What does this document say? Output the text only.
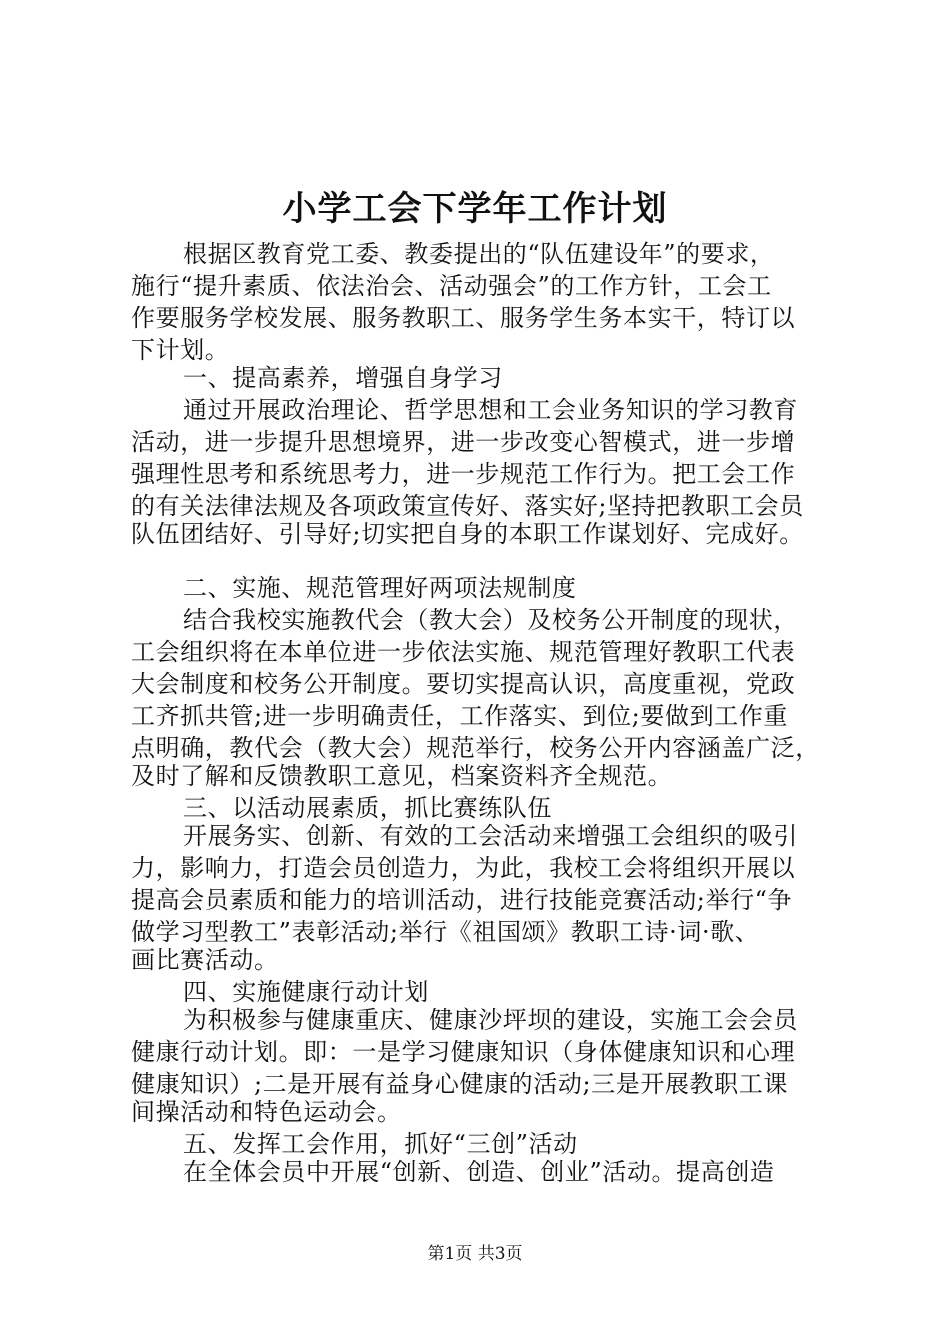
小学工会下学年工作计划
根据区教育党工委、教委提出的“队伍建设年”的要求，
施行“提升素质、依法治会、活动强会”的工作方针，工会工
作要服务学校发展、服务教职工、服务学生务本实干，特订以
下计划。
一、提高素养，增强自身学习
通过开展政治理论、哲学思想和工会业务知识的学习教育
活动，进一步提升思想境界，进一步改变心智模式，进一步增
强理性思考和系统思考力，进一步规范工作行为。把工会工作
的有关法律法规及各项政策宣传好、落实好;坚持把教职工会员
队伍团结好、引导好;切实把自身的本职工作谋划好、完成好。
二、实施、规范管理好两项法规制度
结合我校实施教代会（教大会）及校务公开制度的现状，
工会组织将在本单位进一步依法实施、规范管理好教职工代表
大会制度和校务公开制度。要切实提高认识，高度重视，党政
工齐抓共管;进一步明确责任，工作落实、到位;要做到工作重
点明确，教代会（教大会）规范举行，校务公开内容涵盖广泛，
及时了解和反馈教职工意见，档案资料齐全规范。
三、以活动展素质，抓比赛练队伍
开展务实、创新、有效的工会活动来增强工会组织的吸引
力，影响力，打造会员创造力，为此，我校工会将组织开展以
提高会员素质和能力的培训活动，进行技能竞赛活动;举行“争
做学习型教工”表彰活动;举行《祖国颂》教职工诗·词·歌、
画比赛活动。
四、实施健康行动计划
为积极参与健康重庆、健康沙坪坝的建设，实施工会会员
健康行动计划。即：一是学习健康知识（身体健康知识和心理
健康知识）;二是开展有益身心健康的活动;三是开展教职工课
间操活动和特色运动会。
五、发挥工会作用，抓好“三创”活动
在全体会员中开展“创新、创造、创业”活动。提高创造
第1页 共3页
